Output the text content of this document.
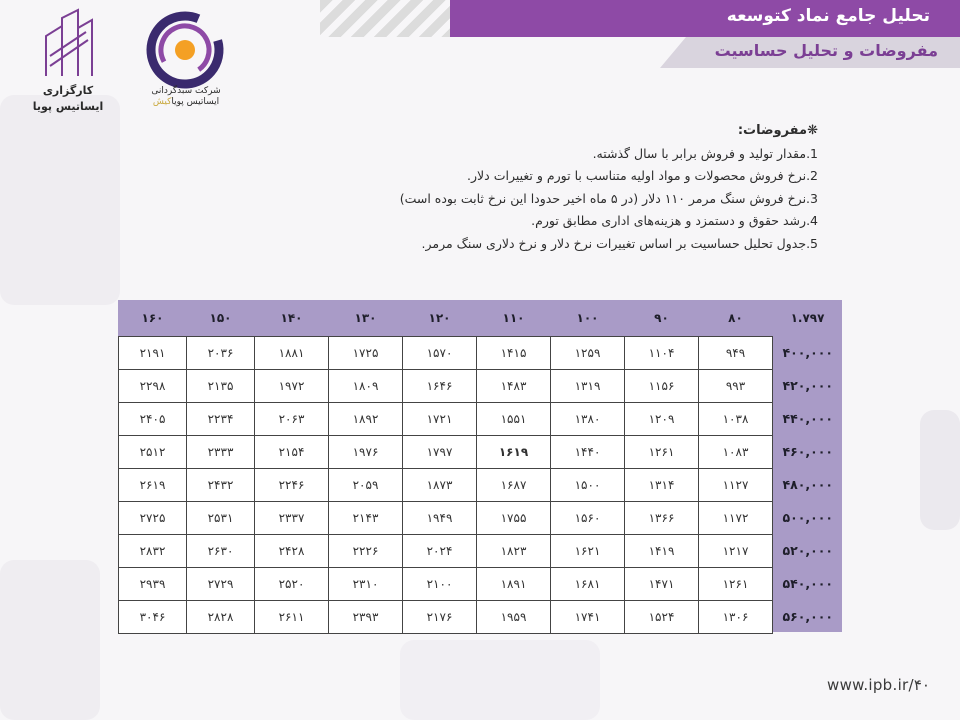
تحلیل جامع نماد کتوسعه
مفروضات و تحلیل حساسیت
شرکت سبدگردانی
ایساتیس پویاکیش
کارگزاری
ایساتیس پویا
❋مفروضات:
1.مقدار تولید و فروش برابر با سال گذشته.
2.نرخ فروش محصولات و مواد اولیه متناسب با تورم و تغییرات دلار.
3.نرخ فروش سنگ مرمر ۱۱۰ دلار (در ۵ ماه اخیر حدودا این نرخ ثابت بوده است)
4.رشد حقوق و دستمزد و هزینه‌های اداری مطابق تورم.
5.جدول تحلیل حساسیت بر اساس تغییرات نرخ دلار و نرخ دلاری سنگ مرمر.
۱.۷۹۷	۸۰	۹۰	۱۰۰	۱۱۰	۱۲۰	۱۳۰	۱۴۰	۱۵۰	۱۶۰
۴۰۰,۰۰۰	۹۴۹	۱۱۰۴	۱۲۵۹	۱۴۱۵	۱۵۷۰	۱۷۲۵	۱۸۸۱	۲۰۳۶	۲۱۹۱
۴۲۰,۰۰۰	۹۹۳	۱۱۵۶	۱۳۱۹	۱۴۸۳	۱۶۴۶	۱۸۰۹	۱۹۷۲	۲۱۳۵	۲۲۹۸
۴۴۰,۰۰۰	۱۰۳۸	۱۲۰۹	۱۳۸۰	۱۵۵۱	۱۷۲۱	۱۸۹۲	۲۰۶۳	۲۲۳۴	۲۴۰۵
۴۶۰,۰۰۰	۱۰۸۳	۱۲۶۱	۱۴۴۰	۱۶۱۹	۱۷۹۷	۱۹۷۶	۲۱۵۴	۲۳۳۳	۲۵۱۲
۴۸۰,۰۰۰	۱۱۲۷	۱۳۱۴	۱۵۰۰	۱۶۸۷	۱۸۷۳	۲۰۵۹	۲۲۴۶	۲۴۳۲	۲۶۱۹
۵۰۰,۰۰۰	۱۱۷۲	۱۳۶۶	۱۵۶۰	۱۷۵۵	۱۹۴۹	۲۱۴۳	۲۳۳۷	۲۵۳۱	۲۷۲۵
۵۲۰,۰۰۰	۱۲۱۷	۱۴۱۹	۱۶۲۱	۱۸۲۳	۲۰۲۴	۲۲۲۶	۲۴۲۸	۲۶۳۰	۲۸۳۲
۵۴۰,۰۰۰	۱۲۶۱	۱۴۷۱	۱۶۸۱	۱۸۹۱	۲۱۰۰	۲۳۱۰	۲۵۲۰	۲۷۲۹	۲۹۳۹
۵۶۰,۰۰۰	۱۳۰۶	۱۵۲۴	۱۷۴۱	۱۹۵۹	۲۱۷۶	۲۳۹۳	۲۶۱۱	۲۸۲۸	۳۰۴۶
www.ipb.ir/۴۰
